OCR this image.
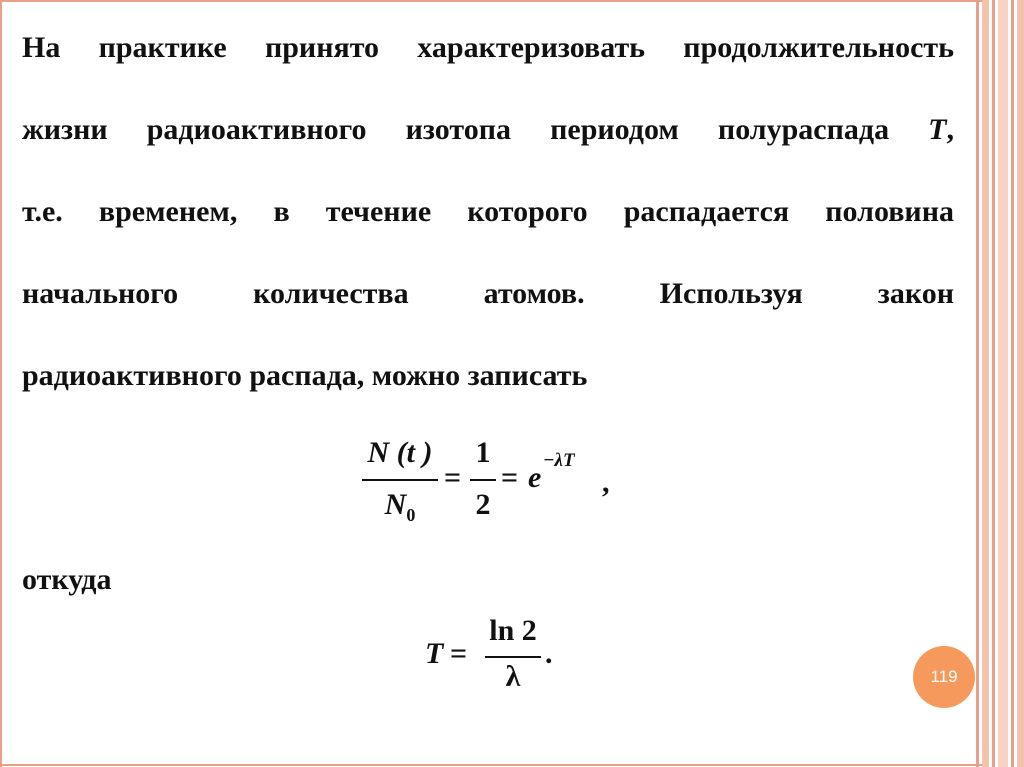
На практике принято характеризовать продолжительность
жизни радиоактивного изотопа периодом полураспада T,
т.е. временем, в течение которого распадается половина
начального количества атомов. Используя закон
радиоактивного распада, можно записать
N (t )
$N_0$
=
1
2
= e
−λT
,
откуда
T =
ln 2
λ
.
119
